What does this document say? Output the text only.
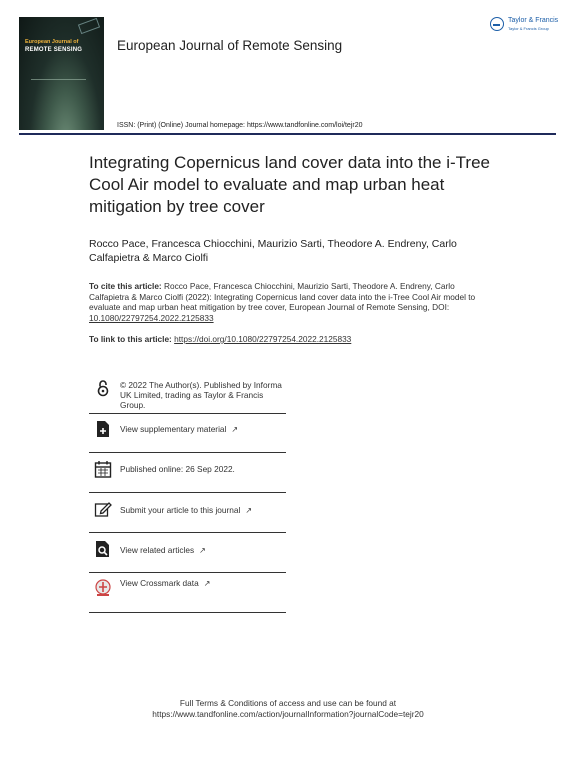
European Journal of
REMOTE SENSING	European Journal of Remote Sensing
ISSN: (Print) (Online) Journal homepage: https://www.tandfonline.com/loi/tejr20
Taylor & Francis
Taylor & Francis Group
Integrating Copernicus land cover data into the i-Tree Cool Air model to evaluate and map urban heat mitigation by tree cover
Rocco Pace, Francesca Chiocchini, Maurizio Sarti, Theodore A. Endreny, Carlo Calfapietra & Marco Ciolfi
To cite this article: Rocco Pace, Francesca Chiocchini, Maurizio Sarti, Theodore A. Endreny, Carlo Calfapietra & Marco Ciolfi (2022): Integrating Copernicus land cover data into the i-Tree Cool Air model to evaluate and map urban heat mitigation by tree cover, European Journal of Remote Sensing, DOI: 10.1080/22797254.2022.2125833
To link to this article: https://doi.org/10.1080/22797254.2022.2125833
© 2022 The Author(s). Published by Informa UK Limited, trading as Taylor & Francis Group.
View supplementary material ↗
Published online: 26 Sep 2022.
Submit your article to this journal ↗
View related articles ↗
View Crossmark data ↗
Full Terms & Conditions of access and use can be found at
https://www.tandfonline.com/action/journalInformation?journalCode=tejr20
